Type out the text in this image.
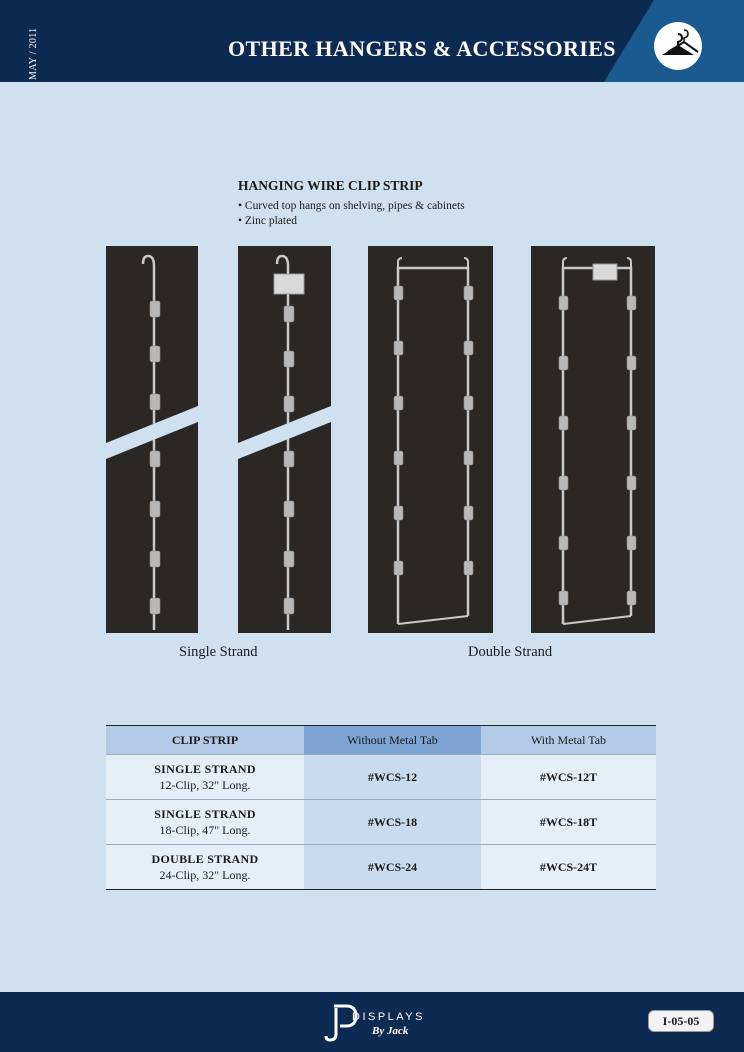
MAY / 2011	OTHER HANGERS & ACCESSORIES
HANGING WIRE CLIP STRIP
• Curved top hangs on shelving, pipes & cabinets
• Zinc plated
Single Strand	Double Strand
CLIP STRIP	Without Metal Tab	With Metal Tab

SINGLE STRAND
12-Clip, 32" Long.	#WCS-12	#WCS-12T

SINGLE STRAND
18-Clip, 47" Long.	#WCS-18	#WCS-18T

DOUBLE STRAND
24-Clip, 32" Long.	#WCS-24	#WCS-24T
DISPLAYS
By Jack
I-05-05
